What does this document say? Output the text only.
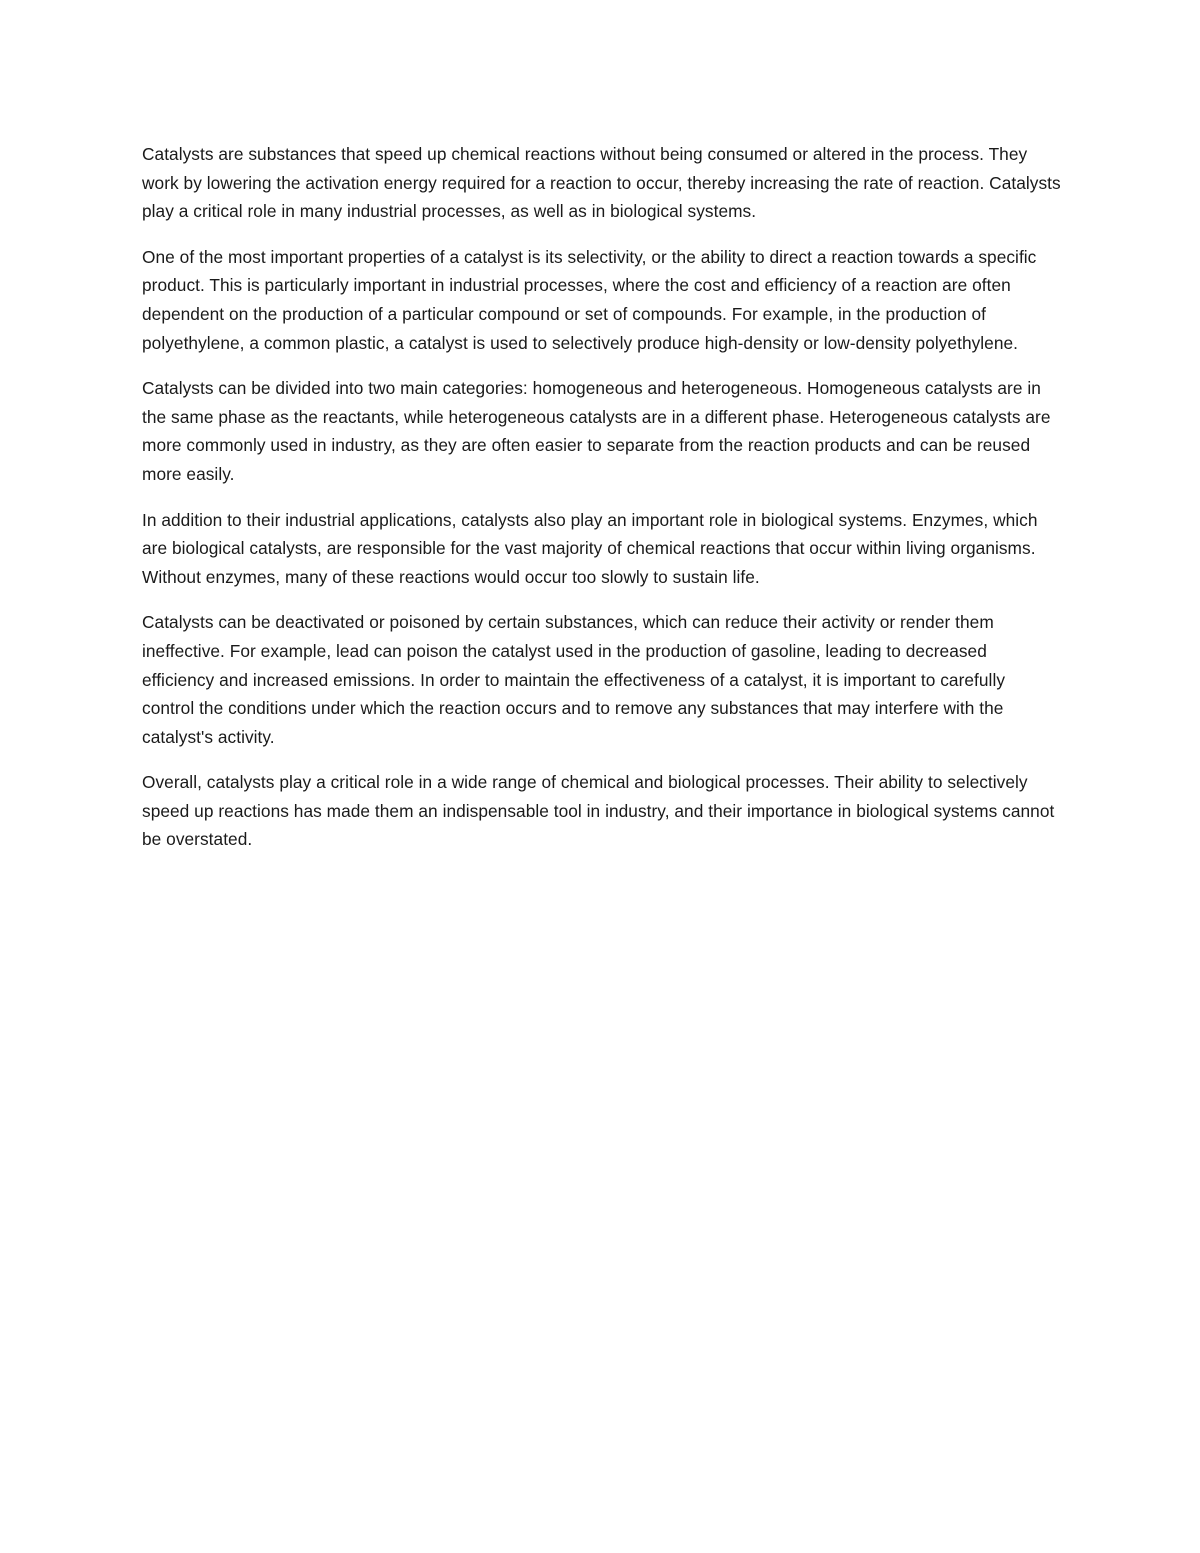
Catalysts are substances that speed up chemical reactions without being consumed or altered in the process. They work by lowering the activation energy required for a reaction to occur, thereby increasing the rate of reaction. Catalysts play a critical role in many industrial processes, as well as in biological systems.

One of the most important properties of a catalyst is its selectivity, or the ability to direct a reaction towards a specific product. This is particularly important in industrial processes, where the cost and efficiency of a reaction are often dependent on the production of a particular compound or set of compounds. For example, in the production of polyethylene, a common plastic, a catalyst is used to selectively produce high-density or low-density polyethylene.

Catalysts can be divided into two main categories: homogeneous and heterogeneous. Homogeneous catalysts are in the same phase as the reactants, while heterogeneous catalysts are in a different phase. Heterogeneous catalysts are more commonly used in industry, as they are often easier to separate from the reaction products and can be reused more easily.

In addition to their industrial applications, catalysts also play an important role in biological systems. Enzymes, which are biological catalysts, are responsible for the vast majority of chemical reactions that occur within living organisms. Without enzymes, many of these reactions would occur too slowly to sustain life.

Catalysts can be deactivated or poisoned by certain substances, which can reduce their activity or render them ineffective. For example, lead can poison the catalyst used in the production of gasoline, leading to decreased efficiency and increased emissions. In order to maintain the effectiveness of a catalyst, it is important to carefully control the conditions under which the reaction occurs and to remove any substances that may interfere with the catalyst's activity.

Overall, catalysts play a critical role in a wide range of chemical and biological processes. Their ability to selectively speed up reactions has made them an indispensable tool in industry, and their importance in biological systems cannot be overstated.
